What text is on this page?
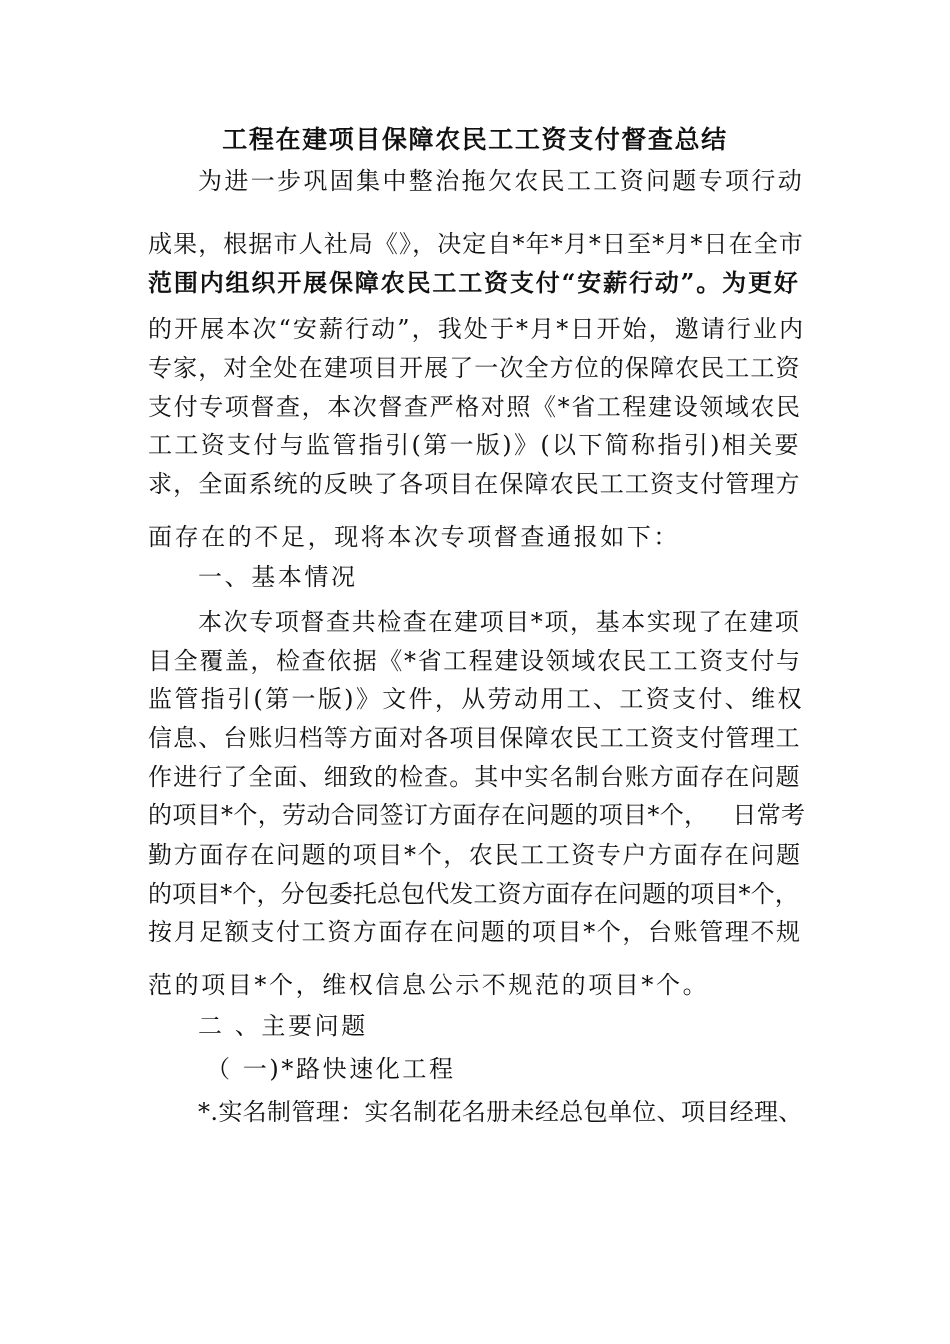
工程在建项目保障农民工工资支付督查总结
为进一步巩固集中整治拖欠农民工工资问题专项行动
成果，根据市人社局《》，决定自*年*月*日至*月*日在全市
范围内组织开展保障农民工工资支付“安薪行动”。为更好
的开展本次“安薪行动”，我处于*月*日开始，邀请行业内
专家，对全处在建项目开展了一次全方位的保障农民工工资
支付专项督查，本次督查严格对照《*省工程建设领域农民
工工资支付与监管指引(第一版)》(以下简称指引)相关要
求，全面系统的反映了各项目在保障农民工工资支付管理方
面存在的不足，现将本次专项督查通报如下：
一、基本情况
本次专项督查共检查在建项目*项，基本实现了在建项
目全覆盖，检查依据《*省工程建设领域农民工工资支付与
监管指引(第一版)》文件，从劳动用工、工资支付、维权
信息、台账归档等方面对各项目保障农民工工资支付管理工
作进行了全面、细致的检查。其中实名制台账方面存在问题
的项目*个，劳动合同签订方面存在问题的项目*个，   日常考
勤方面存在问题的项目*个，农民工工资专户方面存在问题
的项目*个，分包委托总包代发工资方面存在问题的项目*个，
按月足额支付工资方面存在问题的项目*个，台账管理不规
范的项目*个，维权信息公示不规范的项目*个。
二 、主要问题
（ 一)*路快速化工程
*.实名制管理：实名制花名册未经总包单位、项目经理、
